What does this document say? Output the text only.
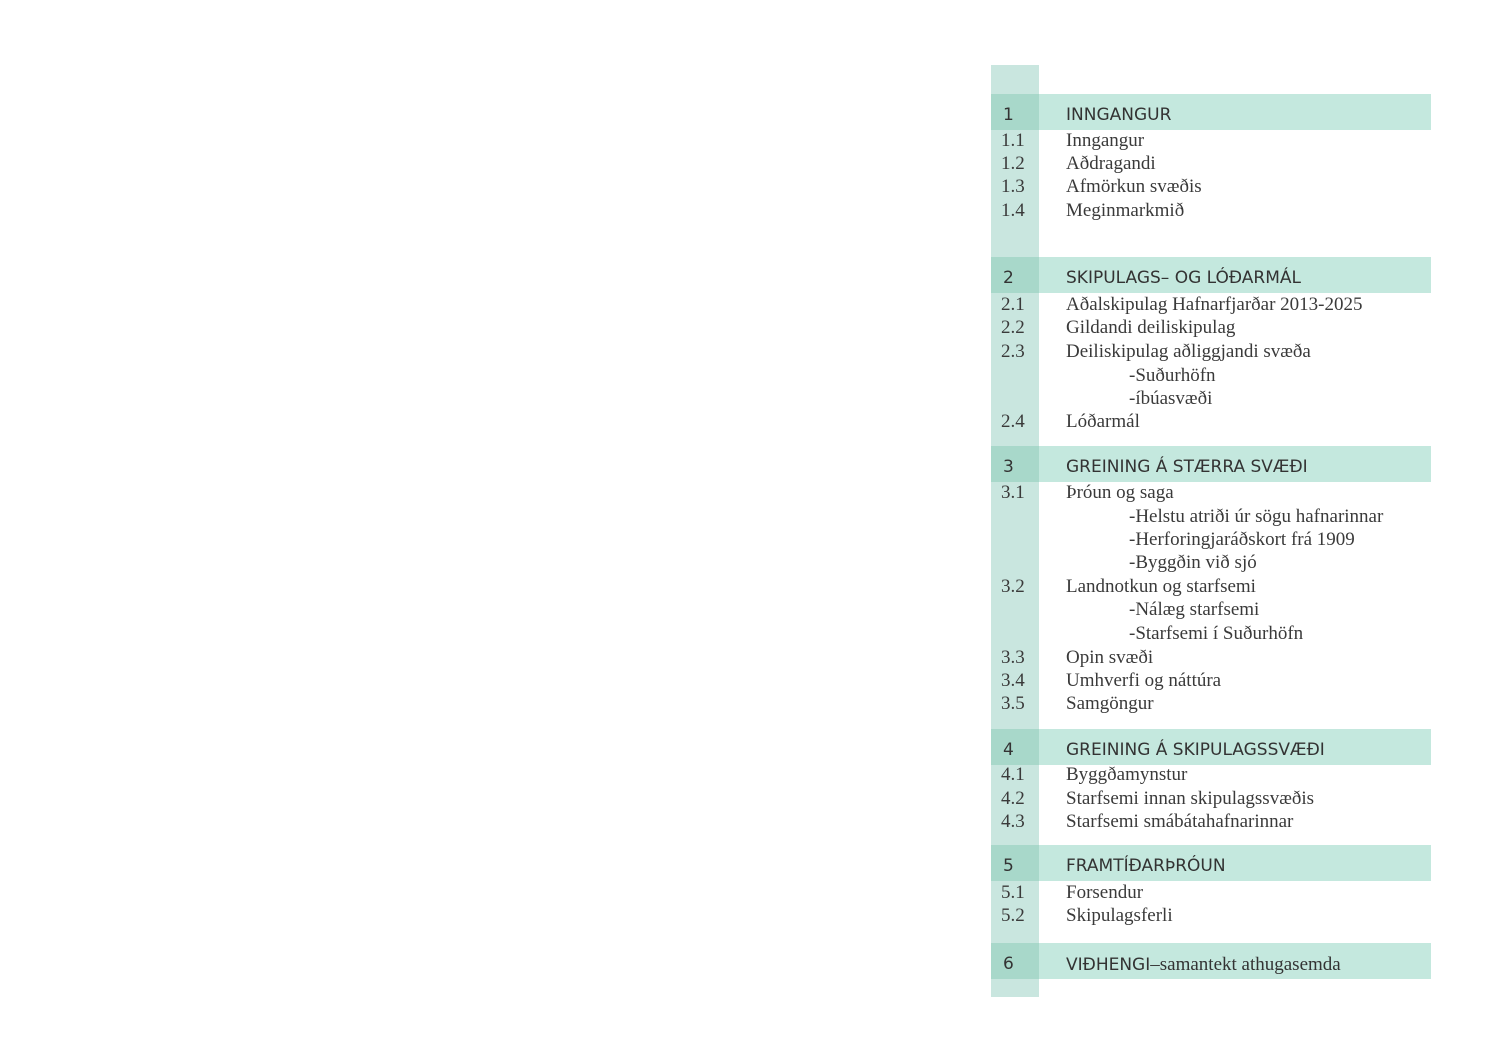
1	INNGANGUR
1.1 Inngangur
1.2 Aðdragandi
1.3 Afmörkun svæðis
1.4 Meginmarkmið
2	SKIPULAGS– OG LÓÐARMÁL
2.1 Aðalskipulag Hafnarfjarðar 2013-2025
2.2 Gildandi deiliskipulag
2.3 Deiliskipulag aðliggjandi svæða
-Suðurhöfn
-íbúasvæði
2.4 Lóðarmál
3	GREINING Á STÆRRA SVÆÐI
3.1 Þróun og saga
-Helstu atriði úr sögu hafnarinnar
-Herforingjaráðskort frá 1909
-Byggðin við sjó
3.2 Landnotkun og starfsemi
-Nálæg starfsemi
-Starfsemi í Suðurhöfn
3.3 Opin svæði
3.4 Umhverfi og náttúra
3.5 Samgöngur
4	GREINING Á SKIPULAGSSVÆÐI
4.1 Byggðamynstur
4.2 Starfsemi innan skipulagssvæðis
4.3 Starfsemi smábátahafnarinnar
5	FRAMTÍÐARÞRÓUN
5.1 Forsendur
5.2 Skipulagsferli
6	VIÐHENGI–samantekt athugasemda
